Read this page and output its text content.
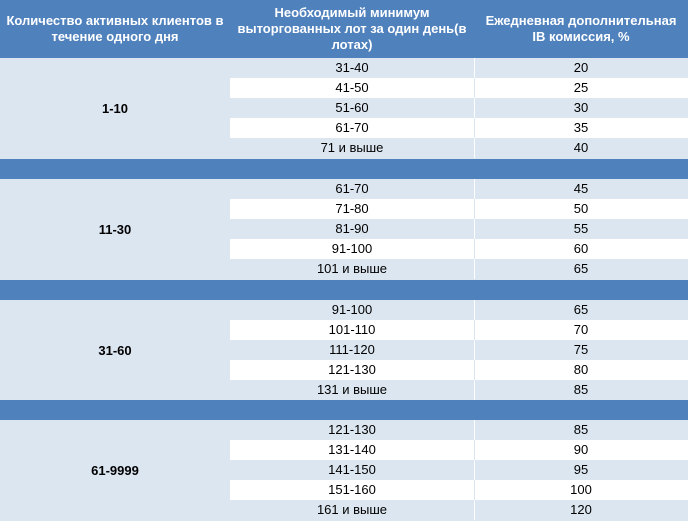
Количество активных клиентов в течение одного дня
Необходимый минимум выторгованных лот за один день(в лотах)
Ежедневная дополнительная IB комиссия, %
1-10
31-40	20
41-50	25
51-60	30
61-70	35
71 и выше	40
11-30
61-70	45
71-80	50
81-90	55
91-100	60
101 и выше	65
31-60
91-100	65
101-110	70
111-120	75
121-130	80
131 и выше	85
61-9999
121-130	85
131-140	90
141-150	95
151-160	100
161 и выше	120
